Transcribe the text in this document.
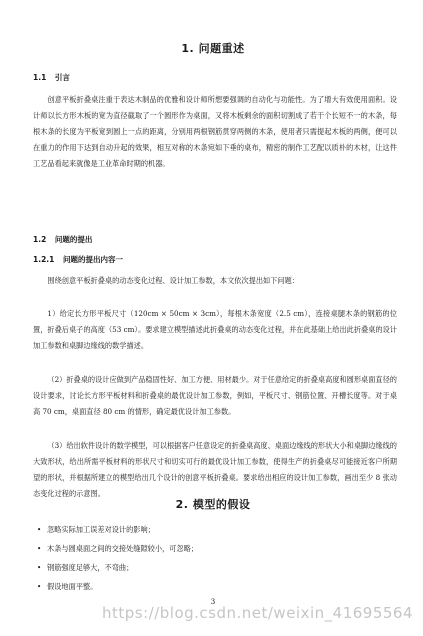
1. 问题重述
1.1 引言

创意平板折叠桌注重于表达木制品的优雅和设计师所想要强调的自动化与功能性。为了增大有效使用面积。设计师以长方形木板的宽为直径截取了一个圆形作为桌面，又将木板剩余的面积切割成了若干个长短不一的木条，每根木条的长度为平板宽到圆上一点的距离，分别用两根钢筋贯穿两侧的木条，使用者只需提起木板的两侧，便可以在重力的作用下达到自动升起的效果，相互对称的木条宛如下垂的桌布，精密的制作工艺配以质朴的木材，让这件工艺品看起来就像是工业革命时期的机器。

1.2 问题的提出
1.2.1 问题的提出内容一

围绕创意平板折叠桌的动态变化过程、设计加工参数，本文依次提出如下问题：

1）给定长方形平板尺寸（120cm × 50cm × 3cm），每根木条宽度（2.5 cm），连接桌腿木条的钢筋的位置，折叠后桌子的高度（53 cm）。要求建立模型描述此折叠桌的动态变化过程，并在此基础上给出此折叠桌的设计加工参数和桌脚边缘线的数学描述。

（2）折叠桌的设计应做到产品稳固性好、加工方便、用材最少。对于任意给定的折叠桌高度和圆形桌面直径的设计要求，讨论长方形平板材料和折叠桌的最优设计加工参数，例如，平板尺寸、钢筋位置、开槽长度等。对于桌高 70 cm，桌面直径 80 cm 的情形，确定最优设计加工参数。

（3）给出软件设计的数学模型，可以根据客户任意设定的折叠桌高度、桌面边缘线的形状大小和桌脚边缘线的大致形状，给出所需平板材料的形状尺寸和切实可行的最优设计加工参数，使得生产的折叠桌尽可能接近客户所期望的形状，并根据所建立的模型给出几个设计的创意平板折叠桌。要求给出相应的设计加工参数，画出至少 8 张动态变化过程的示意图。

2. 模型的假设
• 忽略实际加工误差对设计的影响；
• 木条与圆桌面之间的交接处缝隙较小，可忽略；
• 钢筋强度足够大，不弯曲；
• 假设地面平整。
3
https://blog.csdn.net/weixin_41695564
